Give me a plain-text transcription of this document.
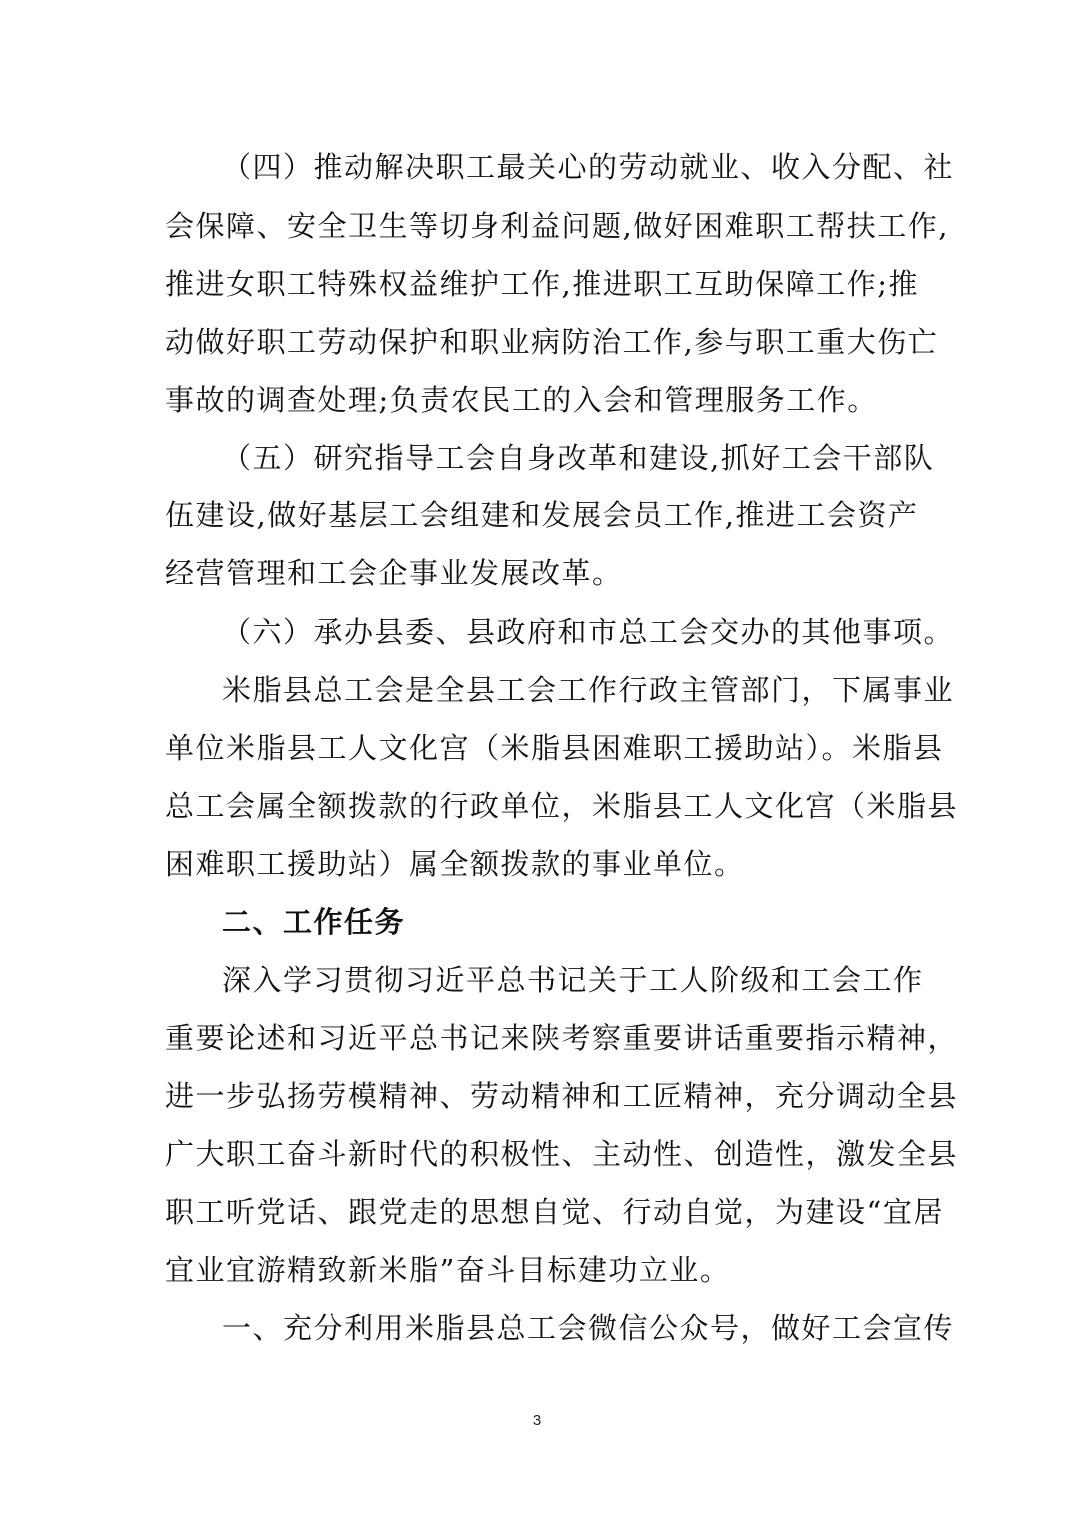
（四）推动解决职工最关心的劳动就业、收入分配、社
会保障、安全卫生等切身利益问题,做好困难职工帮扶工作,
推进女职工特殊权益维护工作,推进职工互助保障工作;推
动做好职工劳动保护和职业病防治工作,参与职工重大伤亡
事故的调查处理;负责农民工的入会和管理服务工作。
（五）研究指导工会自身改革和建设,抓好工会干部队
伍建设,做好基层工会组建和发展会员工作,推进工会资产
经营管理和工会企事业发展改革。
（六）承办县委、县政府和市总工会交办的其他事项。
米脂县总工会是全县工会工作行政主管部门，下属事业
单位米脂县工人文化宫（米脂县困难职工援助站）。米脂县
总工会属全额拨款的行政单位，米脂县工人文化宫（米脂县
困难职工援助站）属全额拨款的事业单位。
二、工作任务
深入学习贯彻习近平总书记关于工人阶级和工会工作
重要论述和习近平总书记来陕考察重要讲话重要指示精神，
进一步弘扬劳模精神、劳动精神和工匠精神，充分调动全县
广大职工奋斗新时代的积极性、主动性、创造性，激发全县
职工听党话、跟党走的思想自觉、行动自觉，为建设“宜居
宜业宜游精致新米脂”奋斗目标建功立业。
一、充分利用米脂县总工会微信公众号，做好工会宣传
3
